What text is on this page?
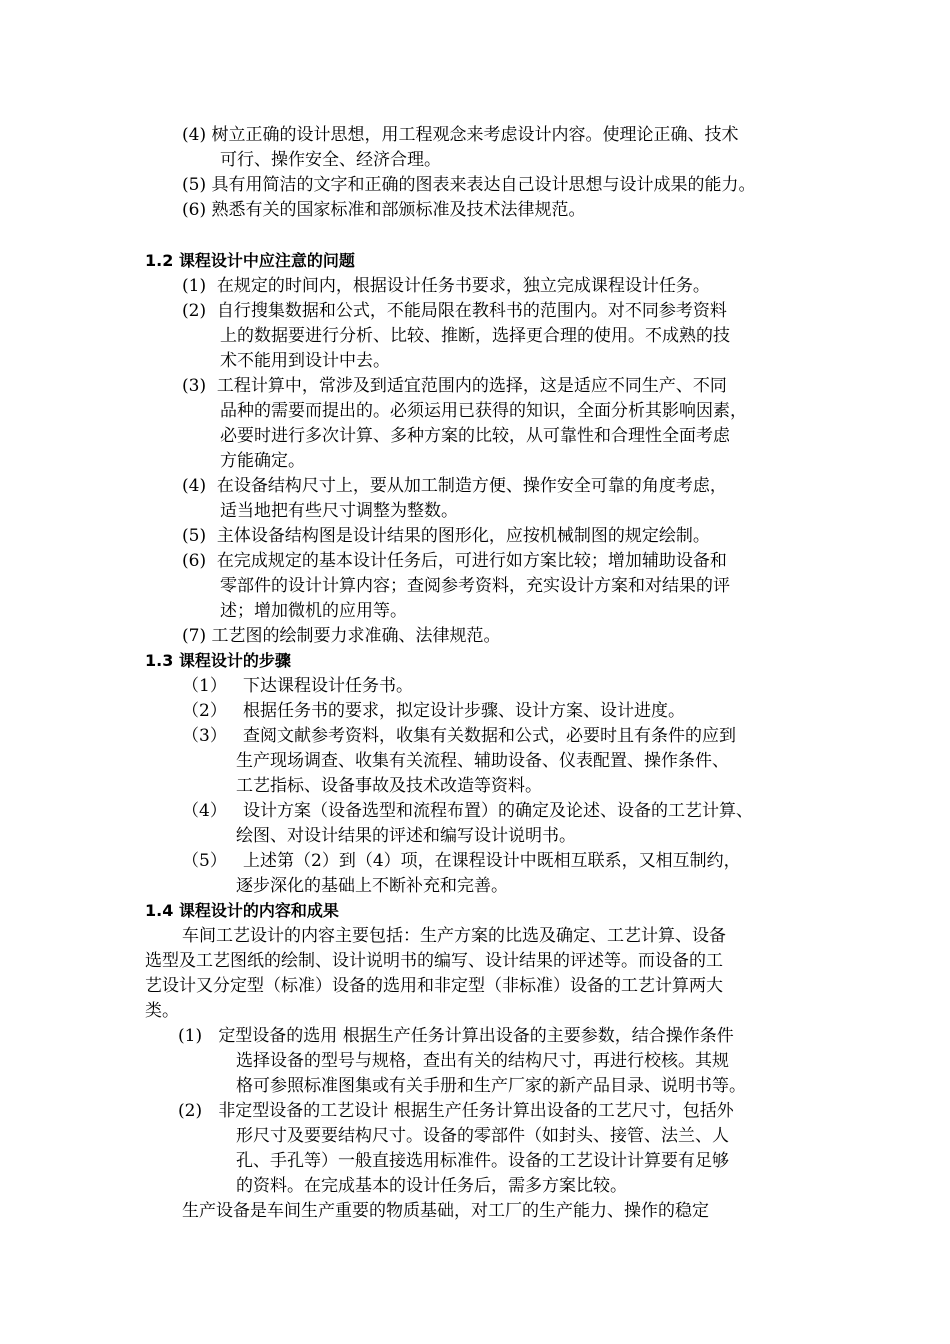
(4) 树立正确的设计思想，用工程观念来考虑设计内容。使理论正确、技术
可行、操作安全、经济合理。
(5) 具有用简洁的文字和正确的图表来表达自己设计思想与设计成果的能力。
(6) 熟悉有关的国家标准和部颁标准及技术法律规范。
1.2 课程设计中应注意的问题
(1) 在规定的时间内，根据设计任务书要求，独立完成课程设计任务。
(2) 自行搜集数据和公式，不能局限在教科书的范围内。对不同参考资料
上的数据要进行分析、比较、推断，选择更合理的使用。不成熟的技
术不能用到设计中去。
(3) 工程计算中，常涉及到适宜范围内的选择，这是适应不同生产、不同
品种的需要而提出的。必须运用已获得的知识，全面分析其影响因素，
必要时进行多次计算、多种方案的比较，从可靠性和合理性全面考虑
方能确定。
(4) 在设备结构尺寸上，要从加工制造方便、操作安全可靠的角度考虑，
适当地把有些尺寸调整为整数。
(5) 主体设备结构图是设计结果的图形化，应按机械制图的规定绘制。
(6) 在完成规定的基本设计任务后，可进行如方案比较；增加辅助设备和
零部件的设计计算内容；查阅参考资料，充实设计方案和对结果的评
述；增加微机的应用等。
(7) 工艺图的绘制要力求准确、法律规范。
1.3 课程设计的步骤
（1） 下达课程设计任务书。
（2） 根据任务书的要求，拟定设计步骤、设计方案、设计进度。
（3） 查阅文献参考资料，收集有关数据和公式，必要时且有条件的应到
生产现场调查、收集有关流程、辅助设备、仪表配置、操作条件、
工艺指标、设备事故及技术改造等资料。
（4） 设计方案（设备选型和流程布置）的确定及论述、设备的工艺计算、
绘图、对设计结果的评述和编写设计说明书。
（5） 上述第（2）到（4）项，在课程设计中既相互联系，又相互制约，
逐步深化的基础上不断补充和完善。
1.4 课程设计的内容和成果
车间工艺设计的内容主要包括：生产方案的比选及确定、工艺计算、设备
选型及工艺图纸的绘制、设计说明书的编写、设计结果的评述等。而设备的工
艺设计又分定型（标准）设备的选用和非定型（非标准）设备的工艺计算两大
类。
(1) 定型设备的选用 根据生产任务计算出设备的主要参数，结合操作条件
选择设备的型号与规格，查出有关的结构尺寸，再进行校核。其规
格可参照标准图集或有关手册和生产厂家的新产品目录、说明书等。
(2) 非定型设备的工艺设计 根据生产任务计算出设备的工艺尺寸，包括外
形尺寸及要要结构尺寸。设备的零部件（如封头、接管、法兰、人
孔、手孔等）一般直接选用标准件。设备的工艺设计计算要有足够
的资料。在完成基本的设计任务后，需多方案比较。
生产设备是车间生产重要的物质基础，对工厂的生产能力、操作的稳定
